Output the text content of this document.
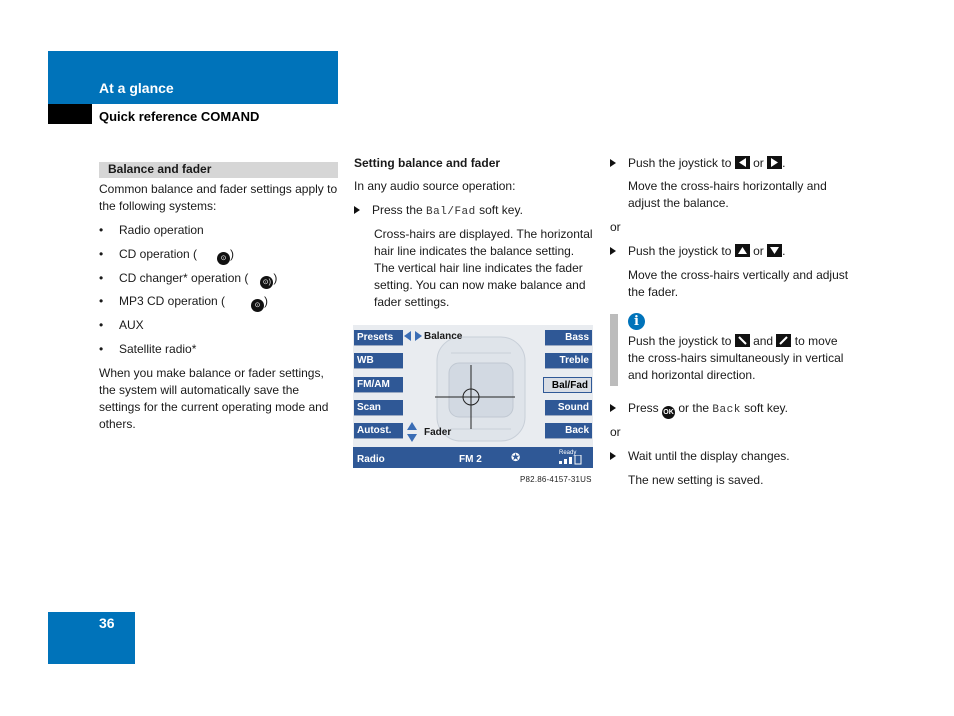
At a glance
Quick reference COMAND
Balance and fader
Common balance and fader settings apply to the following systems:
• Radio operation
• CD operation (	⊙ )
• CD changer* operation ( ⊙) )
• MP3 CD operation (	⊙ )
• AUX
• Satellite radio*
When you make balance or fader settings, the system will automatically save the settings for the current operating mode and others.
Setting balance and fader
In any audio source operation:
Press the Bal/Fad soft key.
Cross-hairs are displayed. The horizontal hair line indicates the balance setting. The vertical hair line indicates the fader setting. You can now make balance and fader settings.
Presets
WB
FM/AM
Scan
Autost.
Bass
Treble
Bal/Fad
Sound
Back
Balance
Fader
Radio	FM 2	✪	Ready
P82.86-4157-31US
Push the joystick to or .
Move the cross-hairs horizontally and adjust the balance.
or
Push the joystick to or .
Move the cross-hairs vertically and adjust the fader.
i
Push the joystick to and to move the cross-hairs simultaneously in vertical and horizontal direction.
Press OK or the Back soft key.
or
Wait until the display changes.
The new setting is saved.
36
